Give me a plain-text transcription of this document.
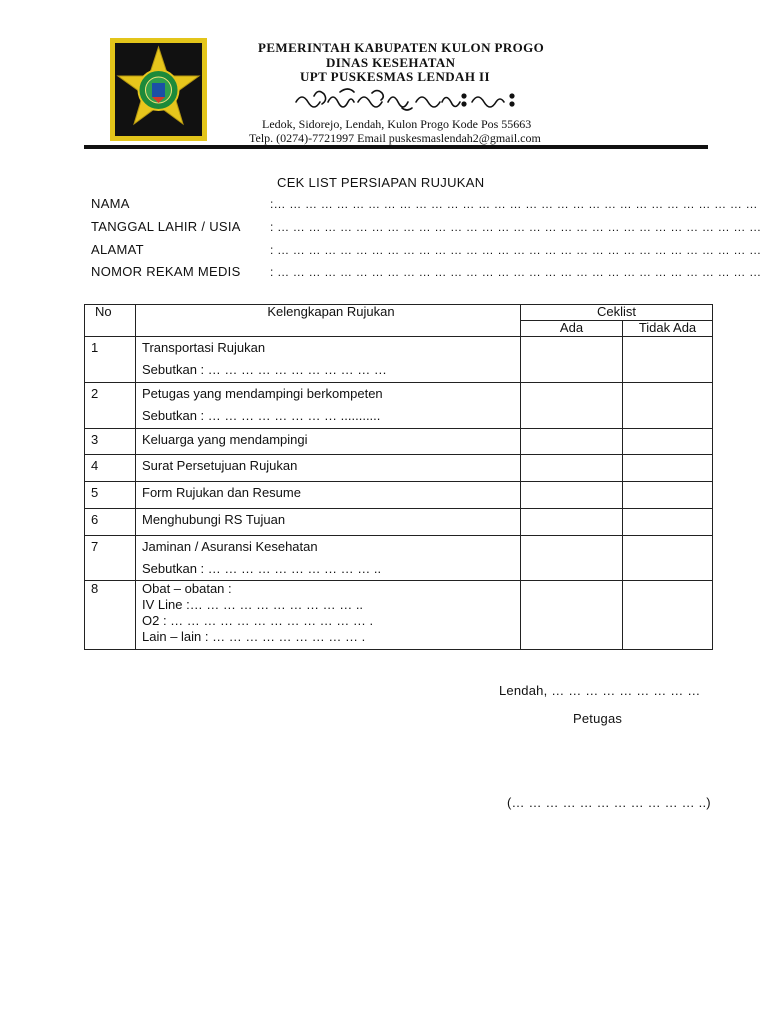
PEMERINTAH KABUPATEN KULON PROGO
DINAS KESEHATAN
UPT PUSKESMAS LENDAH II
ꦥꦸꦱ꧀ꦏꦼꦱ꧀ꦩꦱ꧀ꦭꦼꦤ꧀ꦝꦃ
Ledok, Sidorejo, Lendah, Kulon Progo Kode Pos 55663
Telp. (0274)-7721997 Email puskesmaslendah2@gmail.com
CEK LIST PERSIAPAN RUJUKAN
NAMA	:… … … … … … … … … … … … … … … … … … … … … … … … … … … … … … …
TANGGAL LAHIR / USIA : … … … … … … … … … … … … … … … … … … … … … … … … … … … … … … …
ALAMAT	: … … … … … … … … … … … … … … … … … … … … … … … … … … … … … … …
NOMOR REKAM MEDIS : … … … … … … … … … … … … … … … … … … … … … … … … … … … … … … …
No	Kelengkapan Rujukan	Ceklist	
		Ada	Tidak Ada

1	Transportasi Rujukan
Sebutkan : … … … … … … … … … … …		

2	Petugas yang mendampingi berkompeten
Sebutkan : … … … … … … … … ...........		

3	Keluarga yang mendampingi		

4	Surat Persetujuan Rujukan		

5	Form Rujukan dan Resume		

6	Menghubungi RS Tujuan		

7	Jaminan / Asuransi Kesehatan
Sebutkan : … … … … … … … … … … ..		

8	Obat – obatan :
IV Line :… … … … … … … … … … ..
O2 : … … … … … … … … … … … … .
Lain – lain : … … … … … … … … … .		

Lendah, … … … … … … … … …
Petugas
(… … … … … … … … … … … ..)
